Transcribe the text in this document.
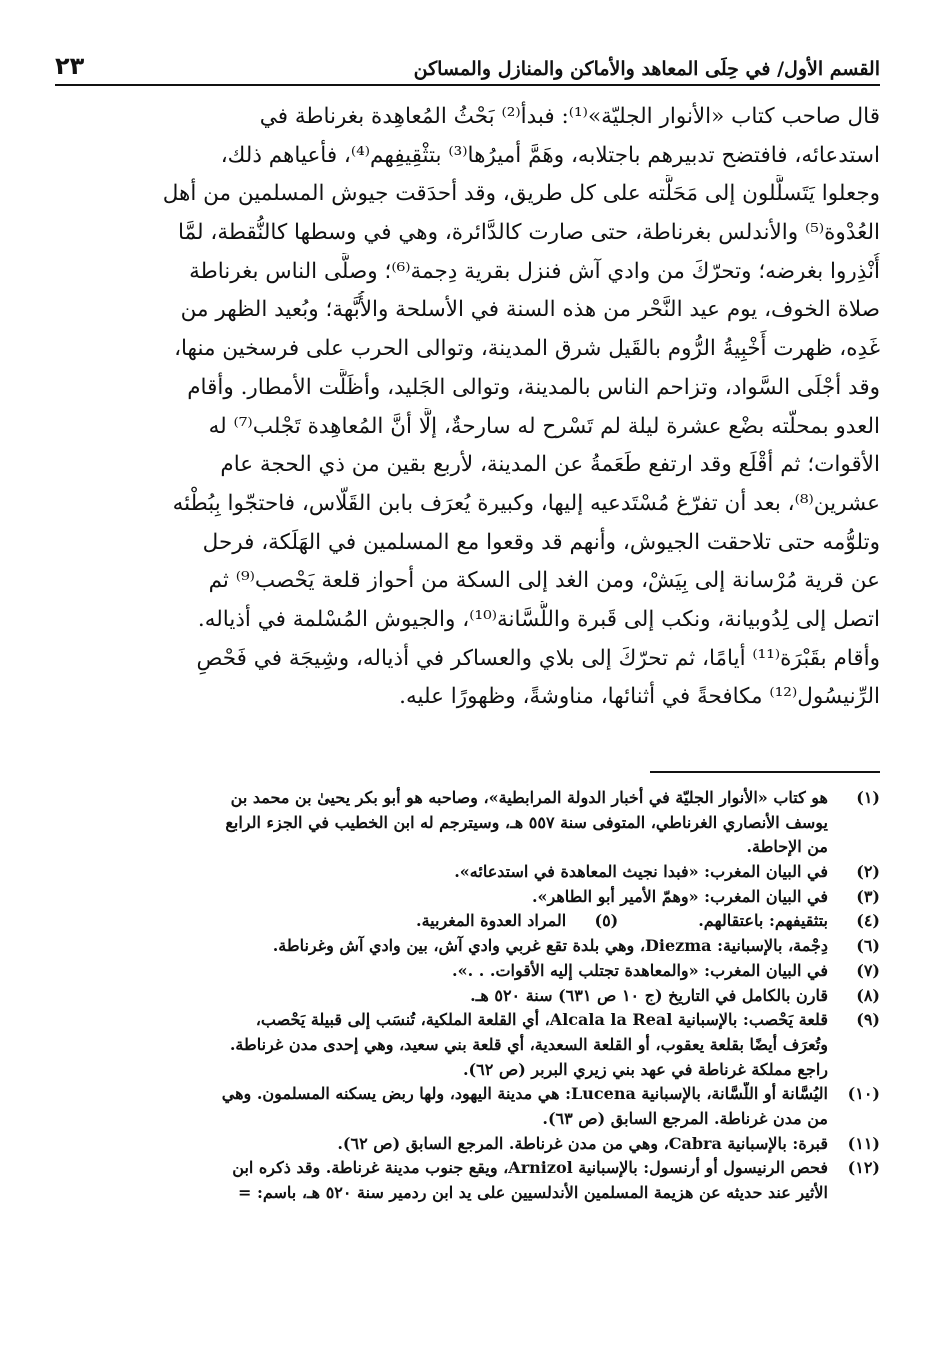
القسم الأول/ في حِلَى المعاهد والأماكن والمنازل والمساكن
٢٣
قال صاحب كتاب «الأنوار الجليّة»⁽¹⁾: فبدأ⁽²⁾ بَحْثُ المُعاهِدة بغرناطة في
استدعائه، فافتضح تدبيرهم باجتلابه، وهَمَّ أميرُها⁽³⁾ بتثْقِيفِهم⁽⁴⁾، فأعياهم ذلك،
وجعلوا يَتَسلَّلون إلى مَحَلَّته على كل طريق، وقد أحدَقت جيوش المسلمين من أهل
العُدْوة⁽⁵⁾ والأندلس بغرناطة، حتى صارت كالدَّائرة، وهي في وسطها كالنُّقطة، لمَّا
أُنْذِروا بغرضه؛ وتحرّكَ من وادي آش فنزل بقرية دِجمة⁽⁶⁾؛ وصلَّى الناس بغرناطة
صلاة الخوف، يوم عيد النَّحْر من هذه السنة في الأسلحة والأُبَّهة؛ وبُعيد الظهر من
غَدِه، ظهرت أَخْبِيةُ الرُّوم بالقَيل شرق المدينة، وتوالى الحرب على فرسخين منها،
وقد أجْلَى السَّواد، وتزاحم الناس بالمدينة، وتوالى الجَليد، وأظَلَّت الأمطار. وأقام
العدو بمحلّته بضْع عشرة ليلة لم تَسْرح له سارحةٌ، إلَّا أنَّ المُعاهِدة تَجْلب⁽⁷⁾ له
الأقوات؛ ثم أقْلَع وقد ارتفع طَعَمةُ عن المدينة، لأربع بقين من ذي الحجة عام
عشرين⁽⁸⁾، بعد أن تفرّغ مُسْتَدعيه إليها، وكبيرة يُعرَف بابن القَلّاس، فاحتجّوا بِبُطْئه
وتلوُّمه حتى تلاحقت الجيوش، وأنهم قد وقعوا مع المسلمين في الهَلَكة، فرحل
عن قرية مُرْسانة إلى بِيَشْ، ومن الغد إلى السكة من أحواز قلعة يَحْصب⁽⁹⁾ ثم
اتصل إلى لِدُوبيانة، ونكب إلى قَبرة واللُّسَّانة⁽¹⁰⁾، والجيوش المُسْلمة في أذياله.
وأقام بقَبْرَة⁽¹¹⁾ أيامًا، ثم تحرّكَ إلى بلاي والعساكر في أذياله، وشِيجَة في فَحْصِ
الرِّنيسُول⁽¹²⁾ مكافحةً في أثنائها، مناوشةً، وظهورًا عليه.
(١)
هو كتاب «الأنوار الجليّة في أخبار الدولة المرابطية»، وصاحبه هو أبو بكر يحيىٰ بن محمد بن
يوسف الأنصاري الغرناطي، المتوفى سنة ٥٥٧ هـ، وسيترجم له ابن الخطيب في الجزء الرابع
من الإحاطة.
(٢)
في البيان المغرب: «فبدا نجيث المعاهدة في استدعائه».
(٣)
في البيان المغرب: «وهمّ الأمير أبو الطاهر».
(٤)
بتثقيفهم: باعتقالهم.
(٥)
المراد العدوة المغربية.
(٦)
دِجْمة، بالإسبانية: Diezma، وهي بلدة تقع غربي وادي آش، بين وادي آش وغرناطة.
(٧)
في البيان المغرب: «والمعاهدة تجتلب إليه الأقوات. . .».
(٨)
قارن بالكامل في التاريخ (ج ١٠ ص ٦٣١) سنة ٥٢٠ هـ.
(٩)
قلعة يَحْصب: بالإسبانية Alcala la Real، أي القلعة الملكية، تُنسَب إلى قبيلة يَحْصب،
وتُعرَف أيضًا بقلعة يعقوب، أو القلعة السعدية، أي قلعة بني سعيد، وهي إحدى مدن غرناطة.
راجع مملكة غرناطة في عهد بني زيري البربر (ص ٦٢).
(١٠)
اليُسَّانة أو اللُّسَّانة، بالإسبانية Lucena: هي مدينة اليهود، ولها ربض يسكنه المسلمون. وهي
من مدن غرناطة. المرجع السابق (ص ٦٣).
(١١)
قبرة: بالإسبانية Cabra، وهي من مدن غرناطة. المرجع السابق (ص ٦٢).
(١٢)
فحص الرنيسول أو أرنسول: بالإسبانية Arnizol، ويقع جنوب مدينة غرناطة. وقد ذكره ابن
الأثير عند حديثه عن هزيمة المسلمين الأندلسيين على يد ابن ردمير سنة ٥٢٠ هـ، باسم: =
